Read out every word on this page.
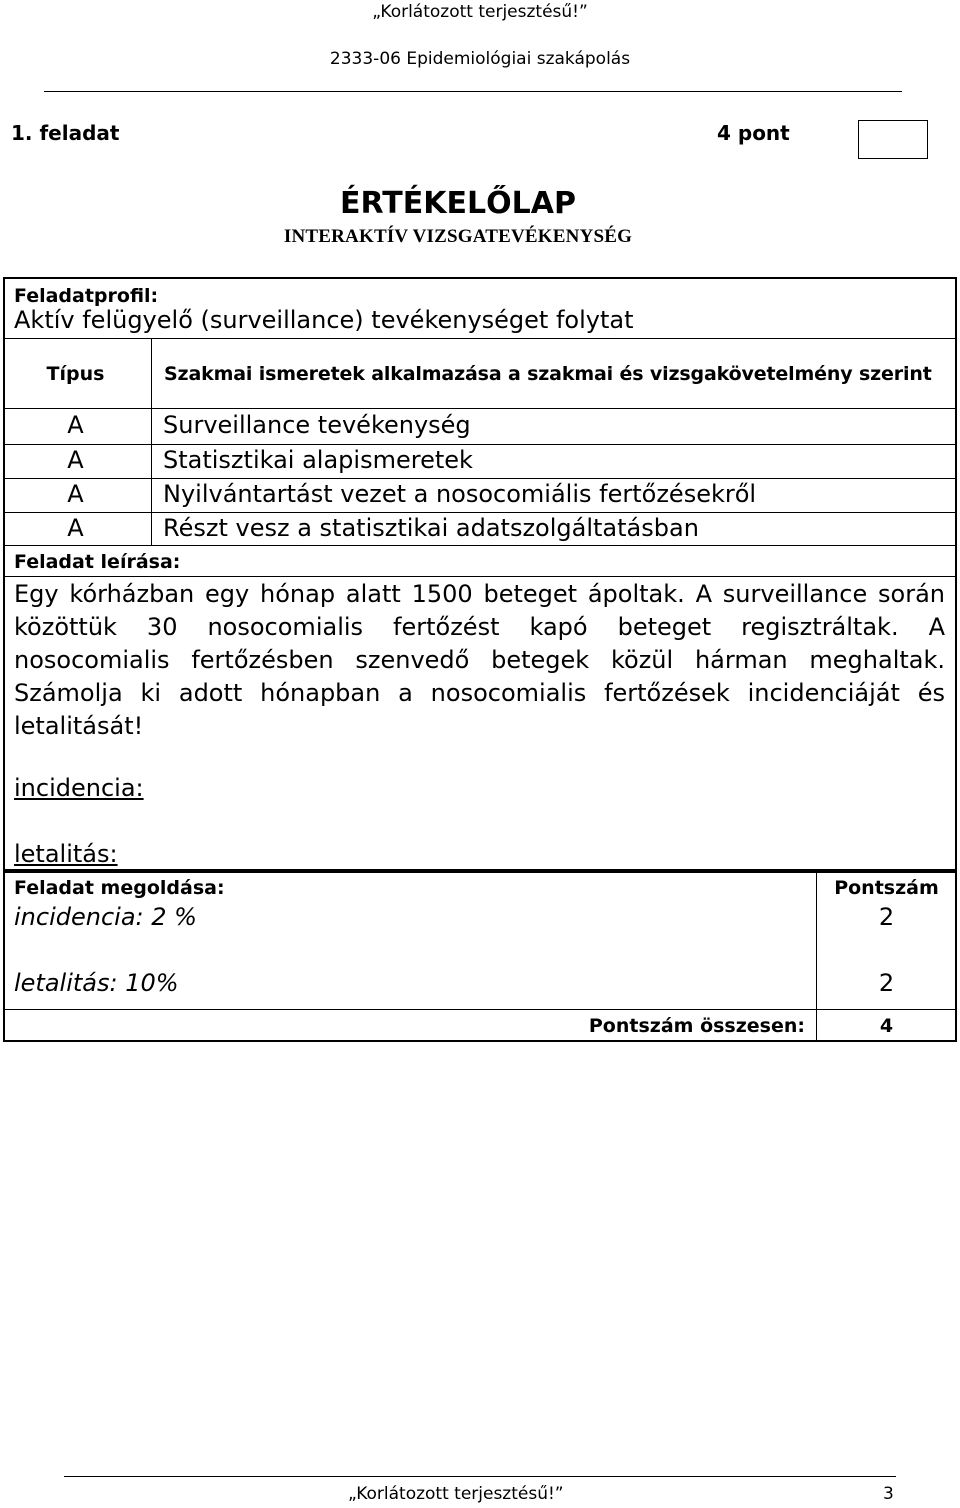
„Korlátozott terjesztésű!”
2333-06 Epidemiológiai szakápolás
1. feladat	4 pont
ÉRTÉKELŐLAP
INTERAKTÍV VIZSGATEVÉKENYSÉG
Feladatprofil:
Aktív felügyelő (surveillance) tevékenységet folytat
Típus	Szakmai ismeretek alkalmazása a szakmai és vizsgakövetelmény szerint
A	Surveillance tevékenység
A	Statisztikai alapismeretek
A	Nyilvántartást vezet a nosocomiális fertőzésekről
A	Részt vesz a statisztikai adatszolgáltatásban
Feladat leírása:
Egy kórházban egy hónap alatt 1500 beteget ápoltak. A surveillance során közöttük 30 nosocomialis fertőzést kapó beteget regisztráltak. A nosocomialis fertőzésben szenvedő betegek közül hárman meghaltak. Számolja ki adott hónapban a nosocomialis fertőzések incidenciáját és letalitását!
incidencia:
letalitás:
Feladat megoldása:	Pontszám
incidencia: 2 %	2
letalitás: 10%	2
Pontszám összesen:	4
„Korlátozott terjesztésű!”	3
